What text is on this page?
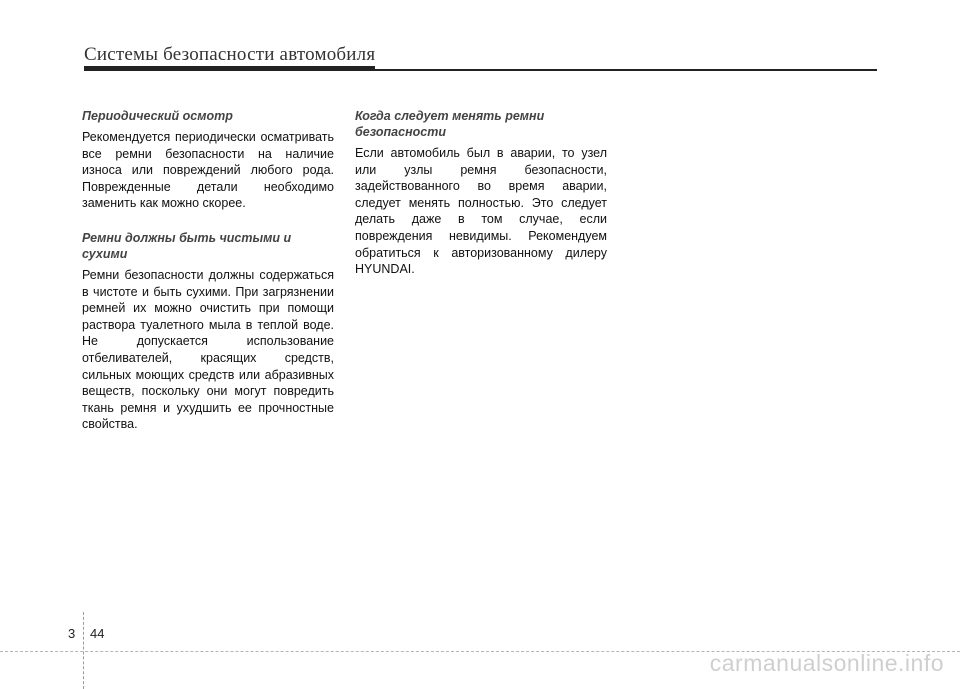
Системы безопасности автомобиля
Периодический осмотр
Рекомендуется периодически осматривать все ремни безопасности на наличие износа или повреждений любого рода. Поврежденные детали необходимо заменить как можно скорее.
Ремни должны быть чистыми и сухими
Ремни безопасности должны содержаться в чистоте и быть сухими. При загрязнении ремней их можно очистить при помощи раствора туалетного мыла в теплой воде. Не допускается использование отбеливателей, красящих средств, сильных моющих средств или абразивных веществ, поскольку они могут повредить ткань ремня и ухудшить ее прочностные свойства.
Когда следует менять ремни безопасности
Если автомобиль был в аварии, то узел или узлы ремня безопасности, задействованного во время аварии, следует менять полностью. Это следует делать даже в том случае, если повреждения невидимы. Рекомендуем обратиться к авторизованному дилеру HYUNDAI.
3 44
carmanualsonline.info
